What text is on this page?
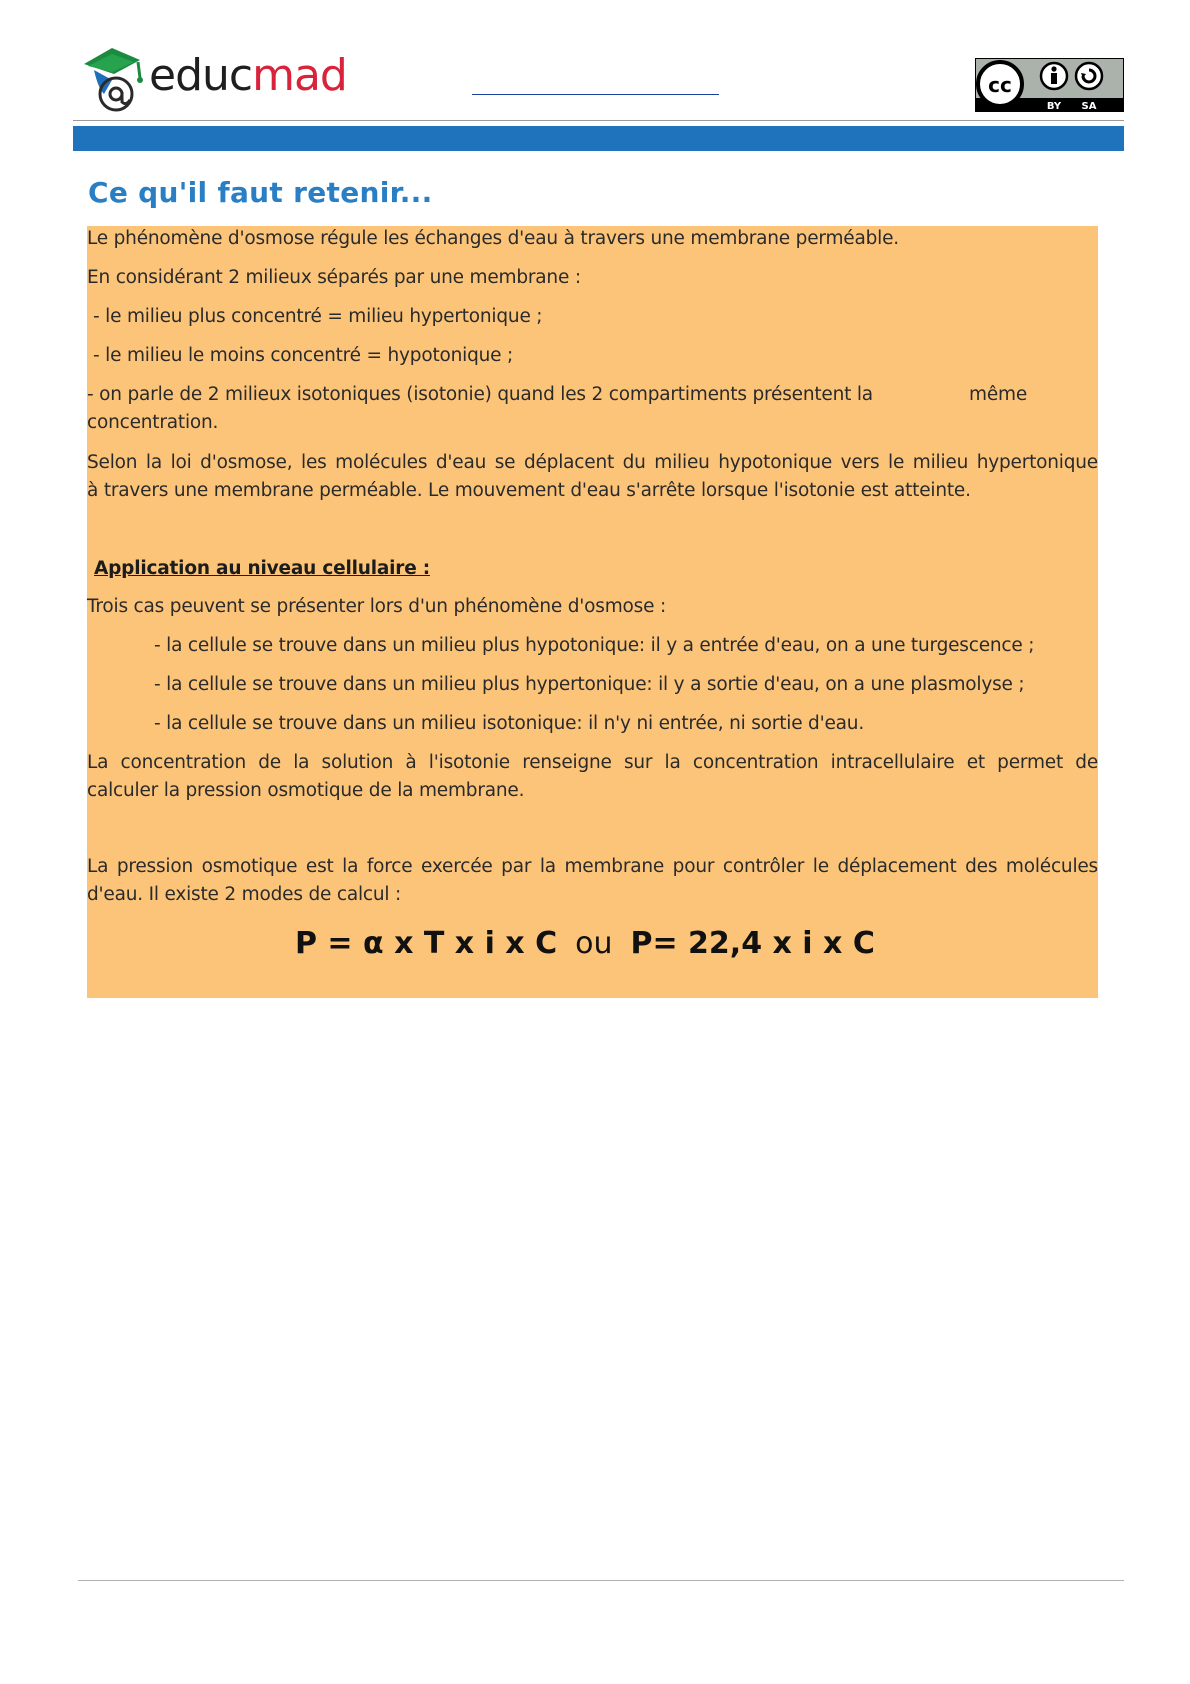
educmad	cc
BY SA
Ce qu'il faut retenir...
Le phénomène d'osmose régule les échanges d'eau à travers une membrane perméable.
En considérant 2 milieux séparés par une membrane :
- le milieu plus concentré = milieu hypertonique ;
- le milieu le moins concentré = hypotonique ;
- on parle de 2 milieux isotoniques (isotonie) quand les 2 compartiments présentent la	même
concentration.
Selon la loi d'osmose, les molécules d'eau se déplacent du milieu hypotonique vers le milieu hypertonique
à travers une membrane perméable. Le mouvement d'eau s'arrête lorsque l'isotonie est atteinte.
Application au niveau cellulaire :
Trois cas peuvent se présenter lors d'un phénomène d'osmose :
- la cellule se trouve dans un milieu plus hypotonique: il y a entrée d'eau, on a une turgescence ;
- la cellule se trouve dans un milieu plus hypertonique: il y a sortie d'eau, on a une plasmolyse ;
- la cellule se trouve dans un milieu isotonique: il n'y ni entrée, ni sortie d'eau.
La concentration de la solution à l'isotonie renseigne sur la concentration intracellulaire et permet de
calculer la pression osmotique de la membrane.
La pression osmotique est la force exercée par la membrane pour contrôler le déplacement des molécules
d'eau. Il existe 2 modes de calcul :
P = α x T x i x C ou P= 22,4 x i x C
